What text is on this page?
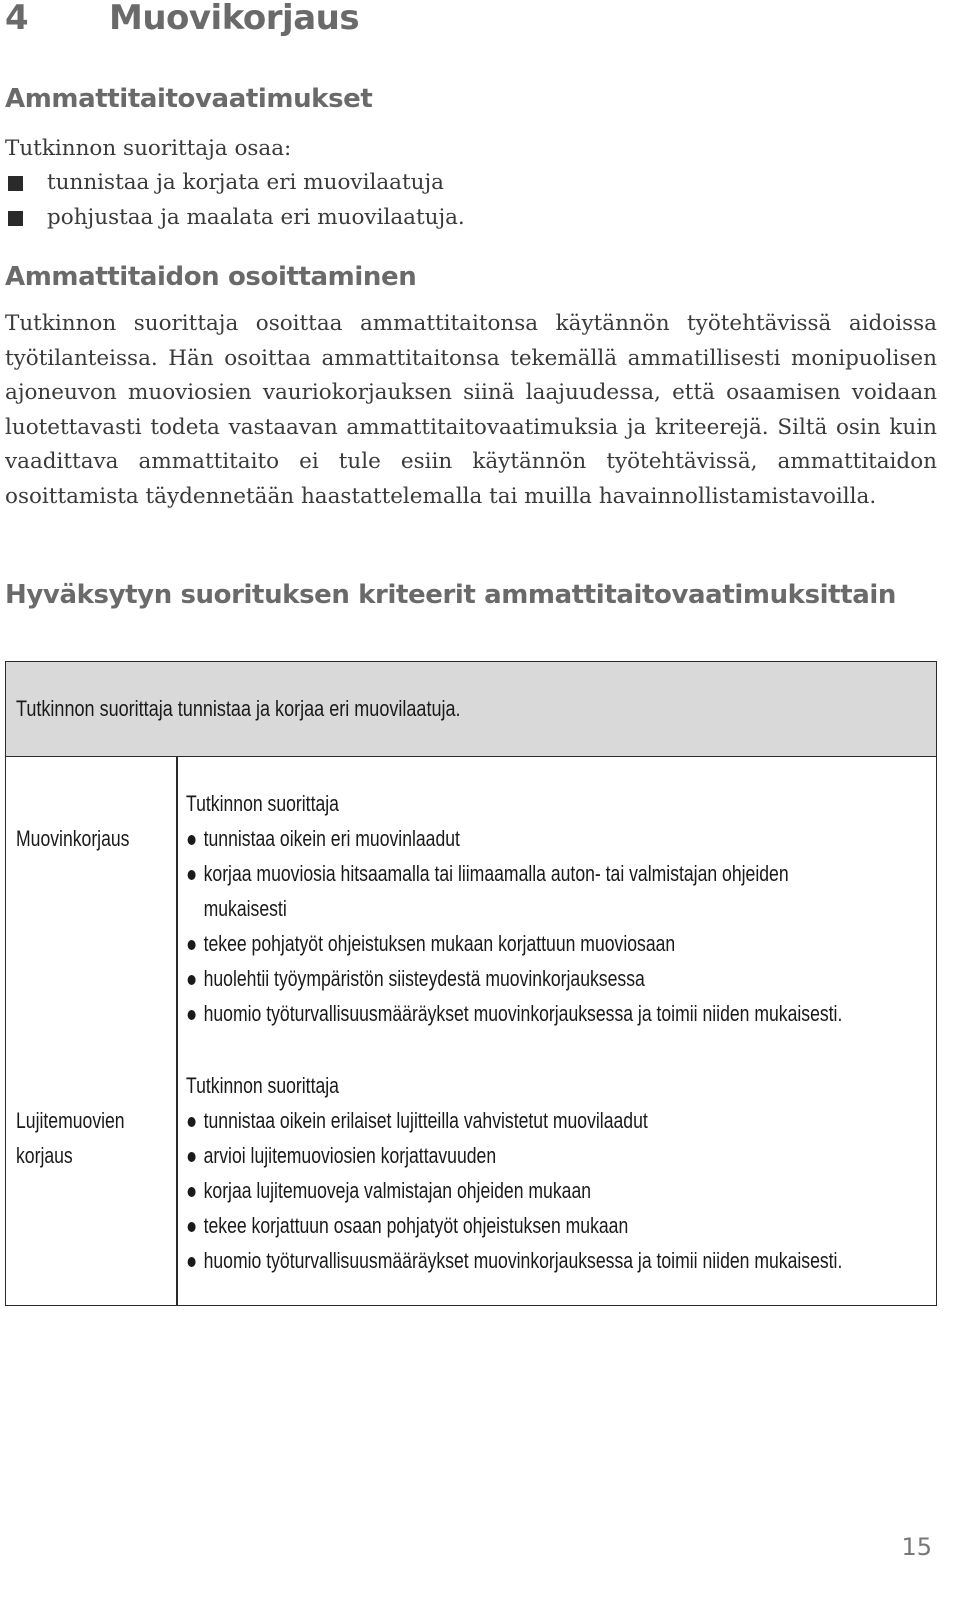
4 Muovikorjaus
Ammattitaitovaatimukset

Tutkinnon suorittaja osaa:

tunnistaa ja korjata eri muovilaatuja
pohjustaa ja maalata eri muovilaatuja.
Ammattitaidon osoittaminen

Tutkinnon suorittaja osoittaa ammattitaitonsa käytännön työtehtävissä aidoissa työtilanteissa. Hän osoittaa ammattitaitonsa tekemällä ammatillisesti monipuolisen ajoneuvon muoviosien vauriokorjauksen siinä laajuudessa, että osaamisen voidaan luotettavasti todeta vastaavan ammattitaitovaatimuksia ja kriteerejä. Siltä osin kuin vaadittava ammattitaito ei tule esiin käytännön työtehtävissä, ammattitaidon osoittamista täydennetään haastattelemalla tai muilla havainnollistamistavoilla.

Hyväksytyn suorituksen kriteerit ammattitaitovaatimuksittain
Tutkinnon suorittaja tunnistaa ja korjaa eri muovilaatuja.
Muovinkorjaus
Tutkinnon suorittaja
tunnistaa oikein eri muovinlaadut
korjaa muoviosia hitsaamalla tai liimaamalla auton- tai valmistajan ohjeiden mukaisesti
tekee pohjatyöt ohjeistuksen mukaan korjattuun muoviosaan
huolehtii työympäristön siisteydestä muovinkorjauksessa
huomio työturvallisuusmääräykset muovinkorjauksessa ja toimii niiden mukaisesti.
Lujitemuovien
korjaus
Tutkinnon suorittaja
tunnistaa oikein erilaiset lujitteilla vahvistetut muovilaadut
arvioi lujitemuoviosien korjattavuuden
korjaa lujitemuoveja valmistajan ohjeiden mukaan
tekee korjattuun osaan pohjatyöt ohjeistuksen mukaan
huomio työturvallisuusmääräykset muovinkorjauksessa ja toimii niiden mukaisesti.
15
